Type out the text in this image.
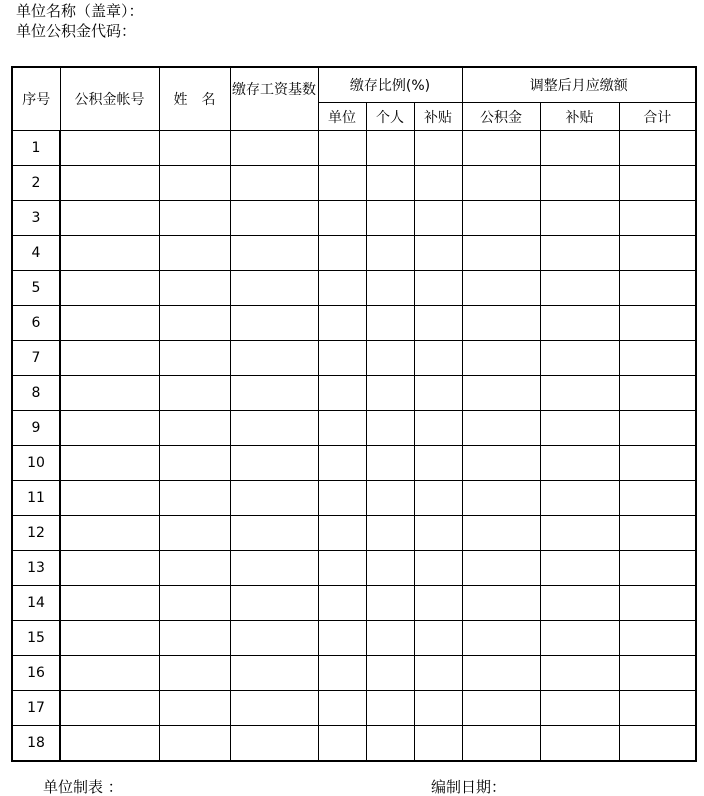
单位名称（盖章）：
单位公积金代码：
序号	公积金帐号	姓　名	缴存工资基数	缴存比例(%)			调整后月应缴额		
				单位	个人	补贴	公积金	补贴	合计
1									
2									
3									
4									
5									
6									
7									
8									
9									
10									
11									
12									
13									
14									
15									
16									
17									
18									
单位制表 ：	编制日期：
